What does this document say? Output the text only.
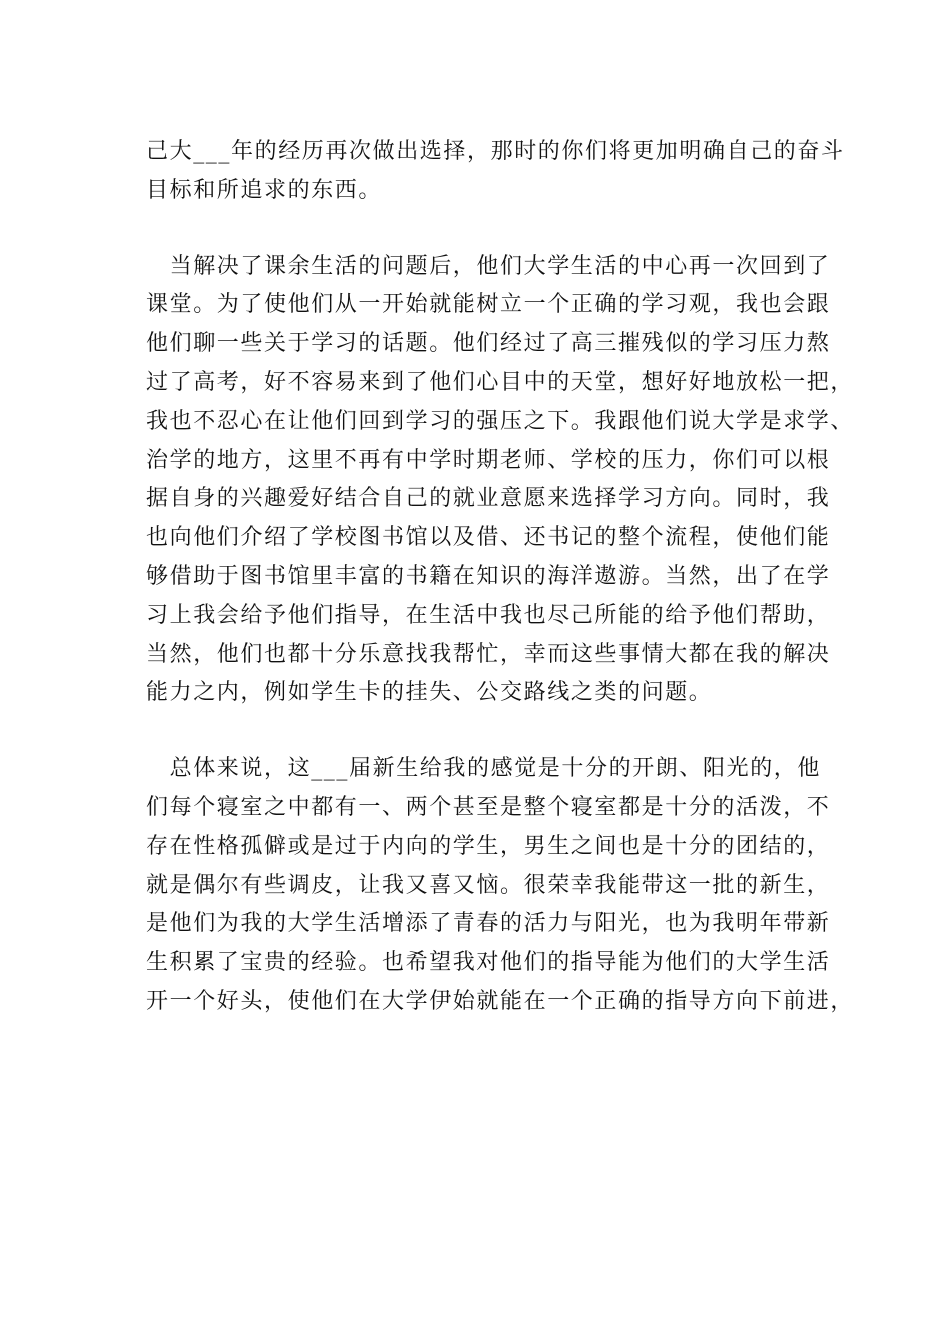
己大___年的经历再次做出选择，那时的你们将更加明确自己的奋斗
目标和所追求的东西。
　当解决了课余生活的问题后，他们大学生活的中心再一次回到了
课堂。为了使他们从一开始就能树立一个正确的学习观，我也会跟
他们聊一些关于学习的话题。他们经过了高三摧残似的学习压力熬
过了高考，好不容易来到了他们心目中的天堂，想好好地放松一把，
我也不忍心在让他们回到学习的强压之下。我跟他们说大学是求学、
治学的地方，这里不再有中学时期老师、学校的压力，你们可以根
据自身的兴趣爱好结合自己的就业意愿来选择学习方向。同时，我
也向他们介绍了学校图书馆以及借、还书记的整个流程，使他们能
够借助于图书馆里丰富的书籍在知识的海洋遨游。当然，出了在学
习上我会给予他们指导，在生活中我也尽己所能的给予他们帮助，
当然，他们也都十分乐意找我帮忙，幸而这些事情大都在我的解决
能力之内，例如学生卡的挂失、公交路线之类的问题。
　总体来说，这___届新生给我的感觉是十分的开朗、阳光的，他
们每个寝室之中都有一、两个甚至是整个寝室都是十分的活泼，不
存在性格孤僻或是过于内向的学生，男生之间也是十分的团结的，
就是偶尔有些调皮，让我又喜又恼。很荣幸我能带这一批的新生，
是他们为我的大学生活增添了青春的活力与阳光，也为我明年带新
生积累了宝贵的经验。也希望我对他们的指导能为他们的大学生活
开一个好头，使他们在大学伊始就能在一个正确的指导方向下前进，
